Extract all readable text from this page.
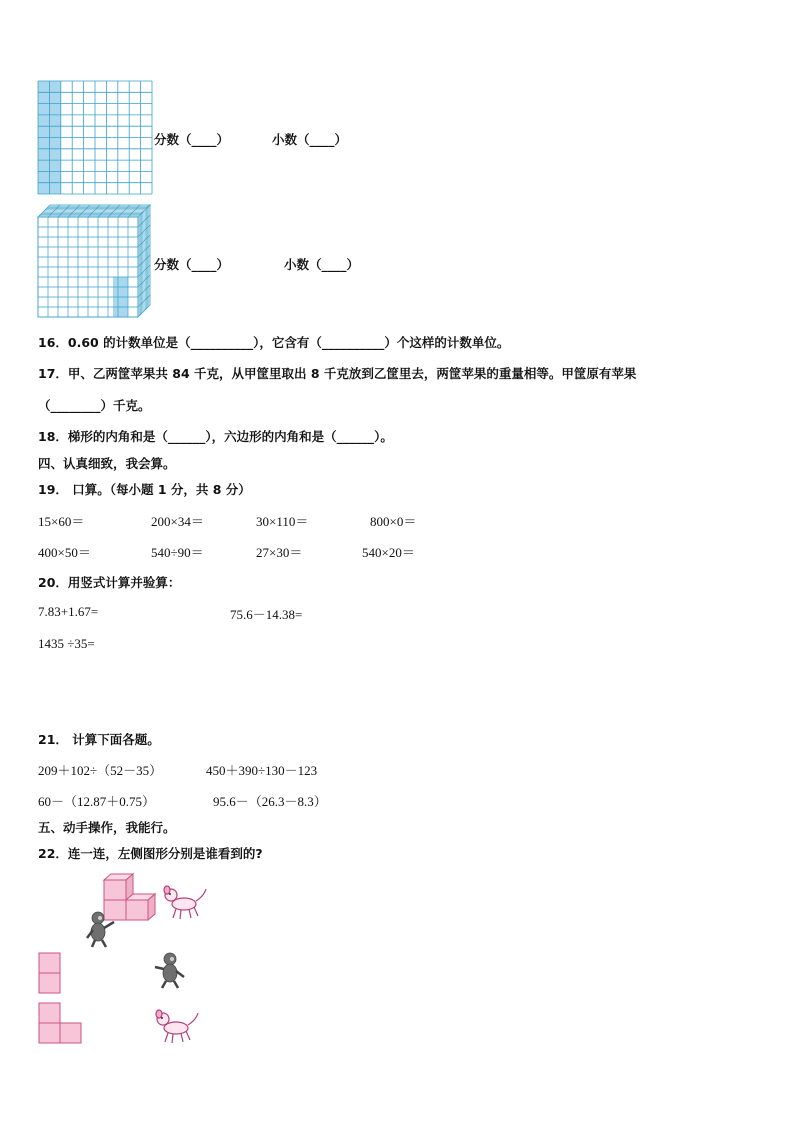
分数（____）	小数（____）
分数（____）	小数（____）
16．0.60 的计数单位是（__________），它含有（__________）个这样的计数单位。
17．甲、乙两筐苹果共 84 千克，从甲筐里取出 8 千克放到乙筐里去，两筐苹果的重量相等。甲筐原有苹果
（________）千克。
18．梯形的内角和是（______），六边形的内角和是（______）。
四、认真细致，我会算。
19． 口算。（每小题 1 分，共 8 分）
15×60＝	200×34＝	30×110＝	800×0＝
400×50＝	540÷90＝	27×30＝	540×20＝
20．用竖式计算并验算：
7.83+1.67=	75.6－14.38=
1435 ÷35=
21． 计算下面各题。
209＋102÷（52－35）	450＋390÷130－123
60－（12.87＋0.75）	95.6－（26.3－8.3）
五、动手操作，我能行。
22．连一连，左侧图形分别是谁看到的?
